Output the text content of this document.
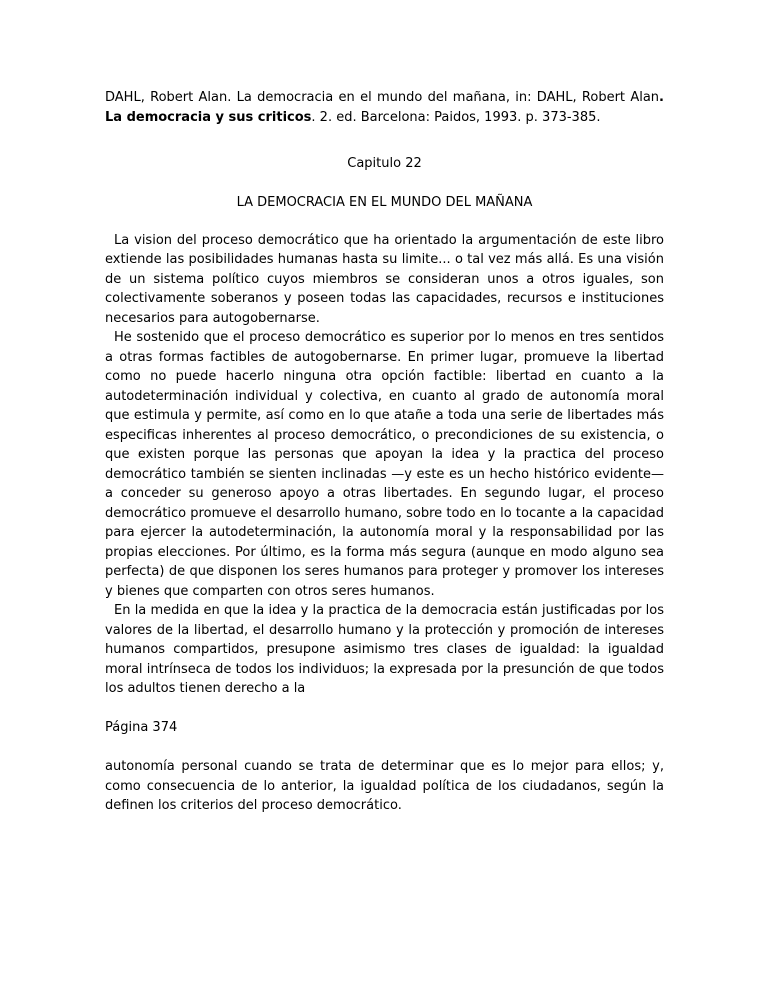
DAHL, Robert Alan. La democracia en el mundo del mañana, in: DAHL, Robert Alan. La democracia y sus criticos. 2. ed. Barcelona: Paidos, 1993. p. 373-385.

Capitulo 22

LA DEMOCRACIA EN EL MUNDO DEL MAÑANA

La vision del proceso democrático que ha orientado la argumentación de este libro extiende las posibilidades humanas hasta su limite... o tal vez más allá. Es una visión de un sistema político cuyos miembros se consideran unos a otros iguales, son colectivamente soberanos y poseen todas las capacidades, recursos e instituciones necesarios para autogobernarse.

He sostenido que el proceso democrático es superior por lo menos en tres sentidos a otras formas factibles de autogobernarse. En primer lugar, promueve la libertad como no puede hacerlo ninguna otra opción factible: libertad en cuanto a la autodeterminación individual y colectiva, en cuanto al grado de autonomía moral que estimula y permite, así como en lo que atañe a toda una serie de libertades más especificas inherentes al proceso democrático, o precondiciones de su existencia, o que existen porque las personas que apoyan la idea y la practica del proceso democrático también se sienten inclinadas —y este es un hecho histórico evidente— a conceder su generoso apoyo a otras libertades. En segundo lugar, el proceso democrático promueve el desarrollo humano, sobre todo en lo tocante a la capacidad para ejercer la autodeterminación, la autonomía moral y la responsabilidad por las propias elecciones. Por último, es la forma más segura (aunque en modo alguno sea perfecta) de que disponen los seres humanos para proteger y promover los intereses y bienes que comparten con otros seres humanos.

En la medida en que la idea y la practica de la democracia están justificadas por los valores de la libertad, el desarrollo humano y la protección y promoción de intereses humanos compartidos, presupone asimismo tres clases de igualdad: la igualdad moral intrínseca de todos los individuos; la expresada por la presunción de que todos los adultos tienen derecho a la

Página 374

autonomía personal cuando se trata de determinar que es lo mejor para ellos; y, como consecuencia de lo anterior, la igualdad política de los ciudadanos, según la definen los criterios del proceso democrático.
